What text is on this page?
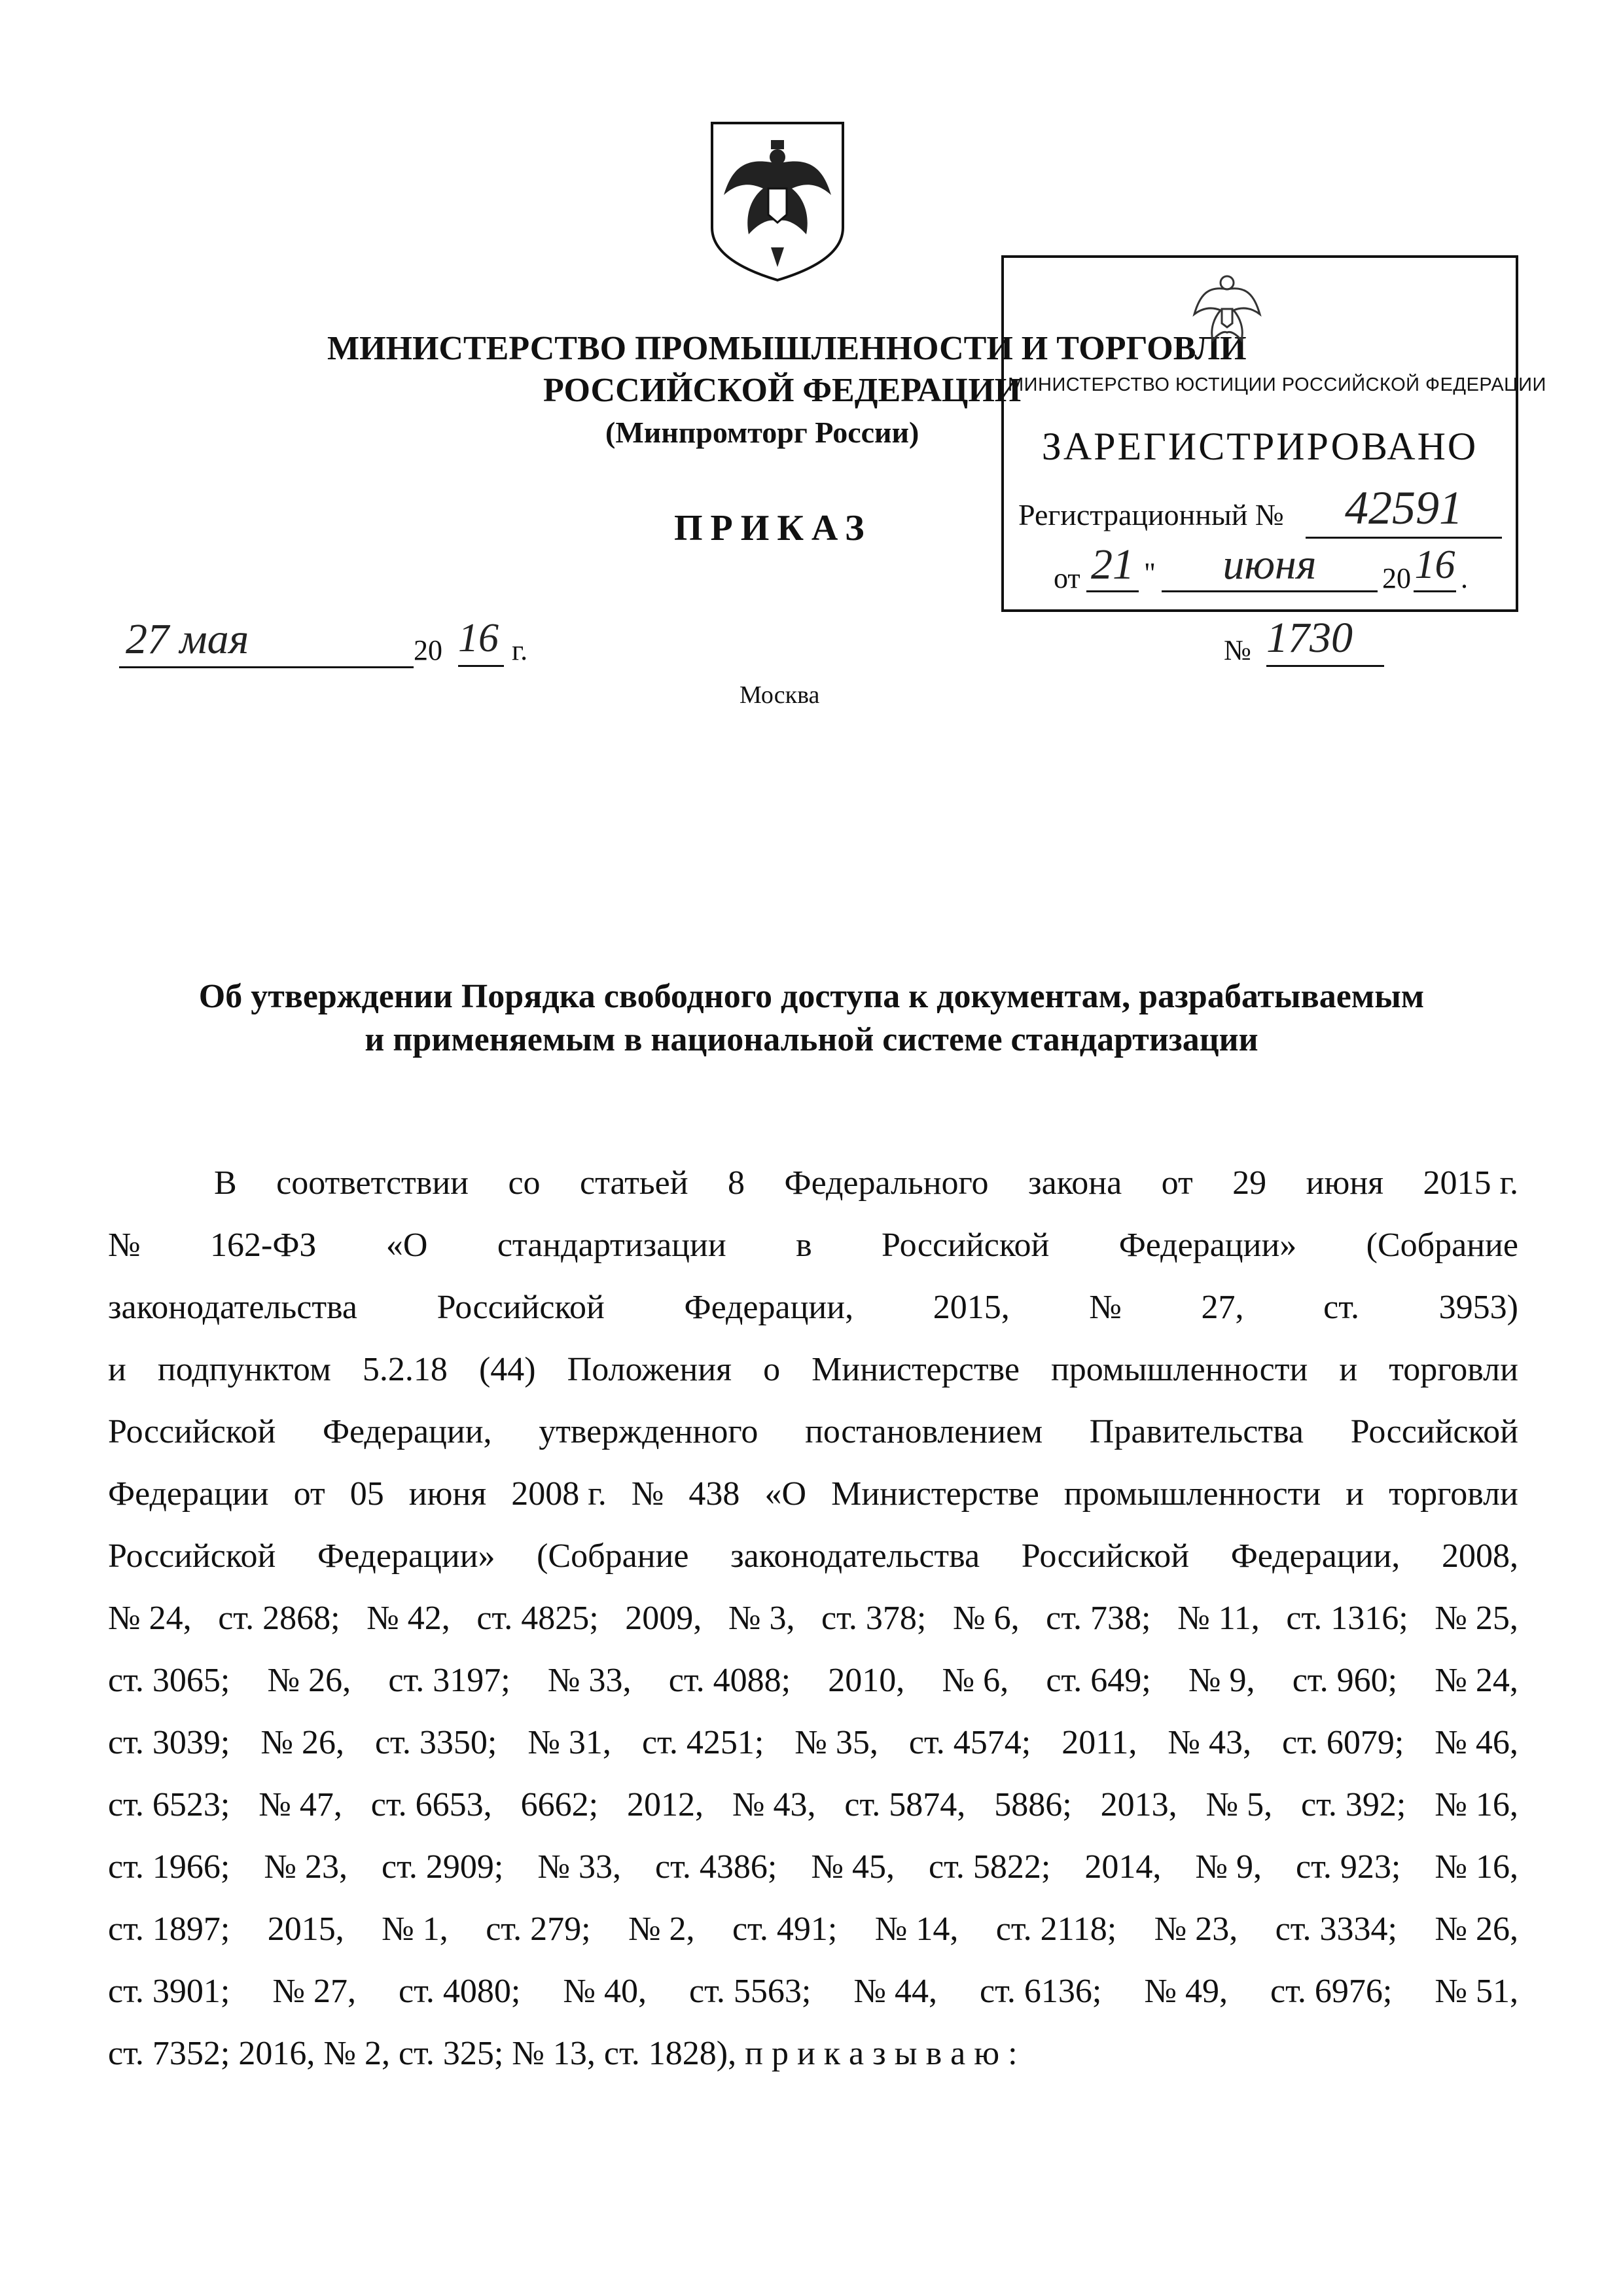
МИНИСТЕРСТВО ПРОМЫШЛЕННОСТИ И ТОРГОВЛИ
РОССИЙСКОЙ ФЕДЕРАЦИИ
(Минпромторг России)
ПРИКАЗ
МИНИСТЕРСТВО ЮСТИЦИИ РОССИЙСКОЙ ФЕДЕРАЦИИ
ЗАРЕГИСТРИРОВАНО
Регистрационный №	42591
от 21 "	июня	20 16 .
27 мая	20 16 г.	№ 1730
Москва
Об утверждении Порядка свободного доступа к документам, разрабатываемым
и применяемым в национальной системе стандартизации
В соответствии со статьей 8 Федерального закона от 29 июня 2015 г.
№ 162-ФЗ «О стандартизации в Российской Федерации» (Собрание
законодательства Российской Федерации, 2015, № 27, ст. 3953)
и подпунктом 5.2.18 (44) Положения о Министерстве промышленности и торговли
Российской Федерации, утвержденного постановлением Правительства Российской
Федерации от 05 июня 2008 г. № 438 «О Министерстве промышленности и торговли
Российской Федерации» (Собрание законодательства Российской Федерации, 2008,
№ 24, ст. 2868; № 42, ст. 4825; 2009, № 3, ст. 378; № 6, ст. 738; № 11, ст. 1316; № 25,
ст. 3065; № 26, ст. 3197; № 33, ст. 4088; 2010, № 6, ст. 649; № 9, ст. 960; № 24,
ст. 3039; № 26, ст. 3350; № 31, ст. 4251; № 35, ст. 4574; 2011, № 43, ст. 6079; № 46,
ст. 6523; № 47, ст. 6653, 6662; 2012, № 43, ст. 5874, 5886; 2013, № 5, ст. 392; № 16,
ст. 1966; № 23, ст. 2909; № 33, ст. 4386; № 45, ст. 5822; 2014, № 9, ст. 923; № 16,
ст. 1897; 2015, № 1, ст. 279; № 2, ст. 491; № 14, ст. 2118; № 23, ст. 3334; № 26,
ст. 3901; № 27, ст. 4080; № 40, ст. 5563; № 44, ст. 6136; № 49, ст. 6976; № 51,
ст. 7352; 2016, № 2, ст. 325; № 13, ст. 1828), п р и к а з ы в а ю :
